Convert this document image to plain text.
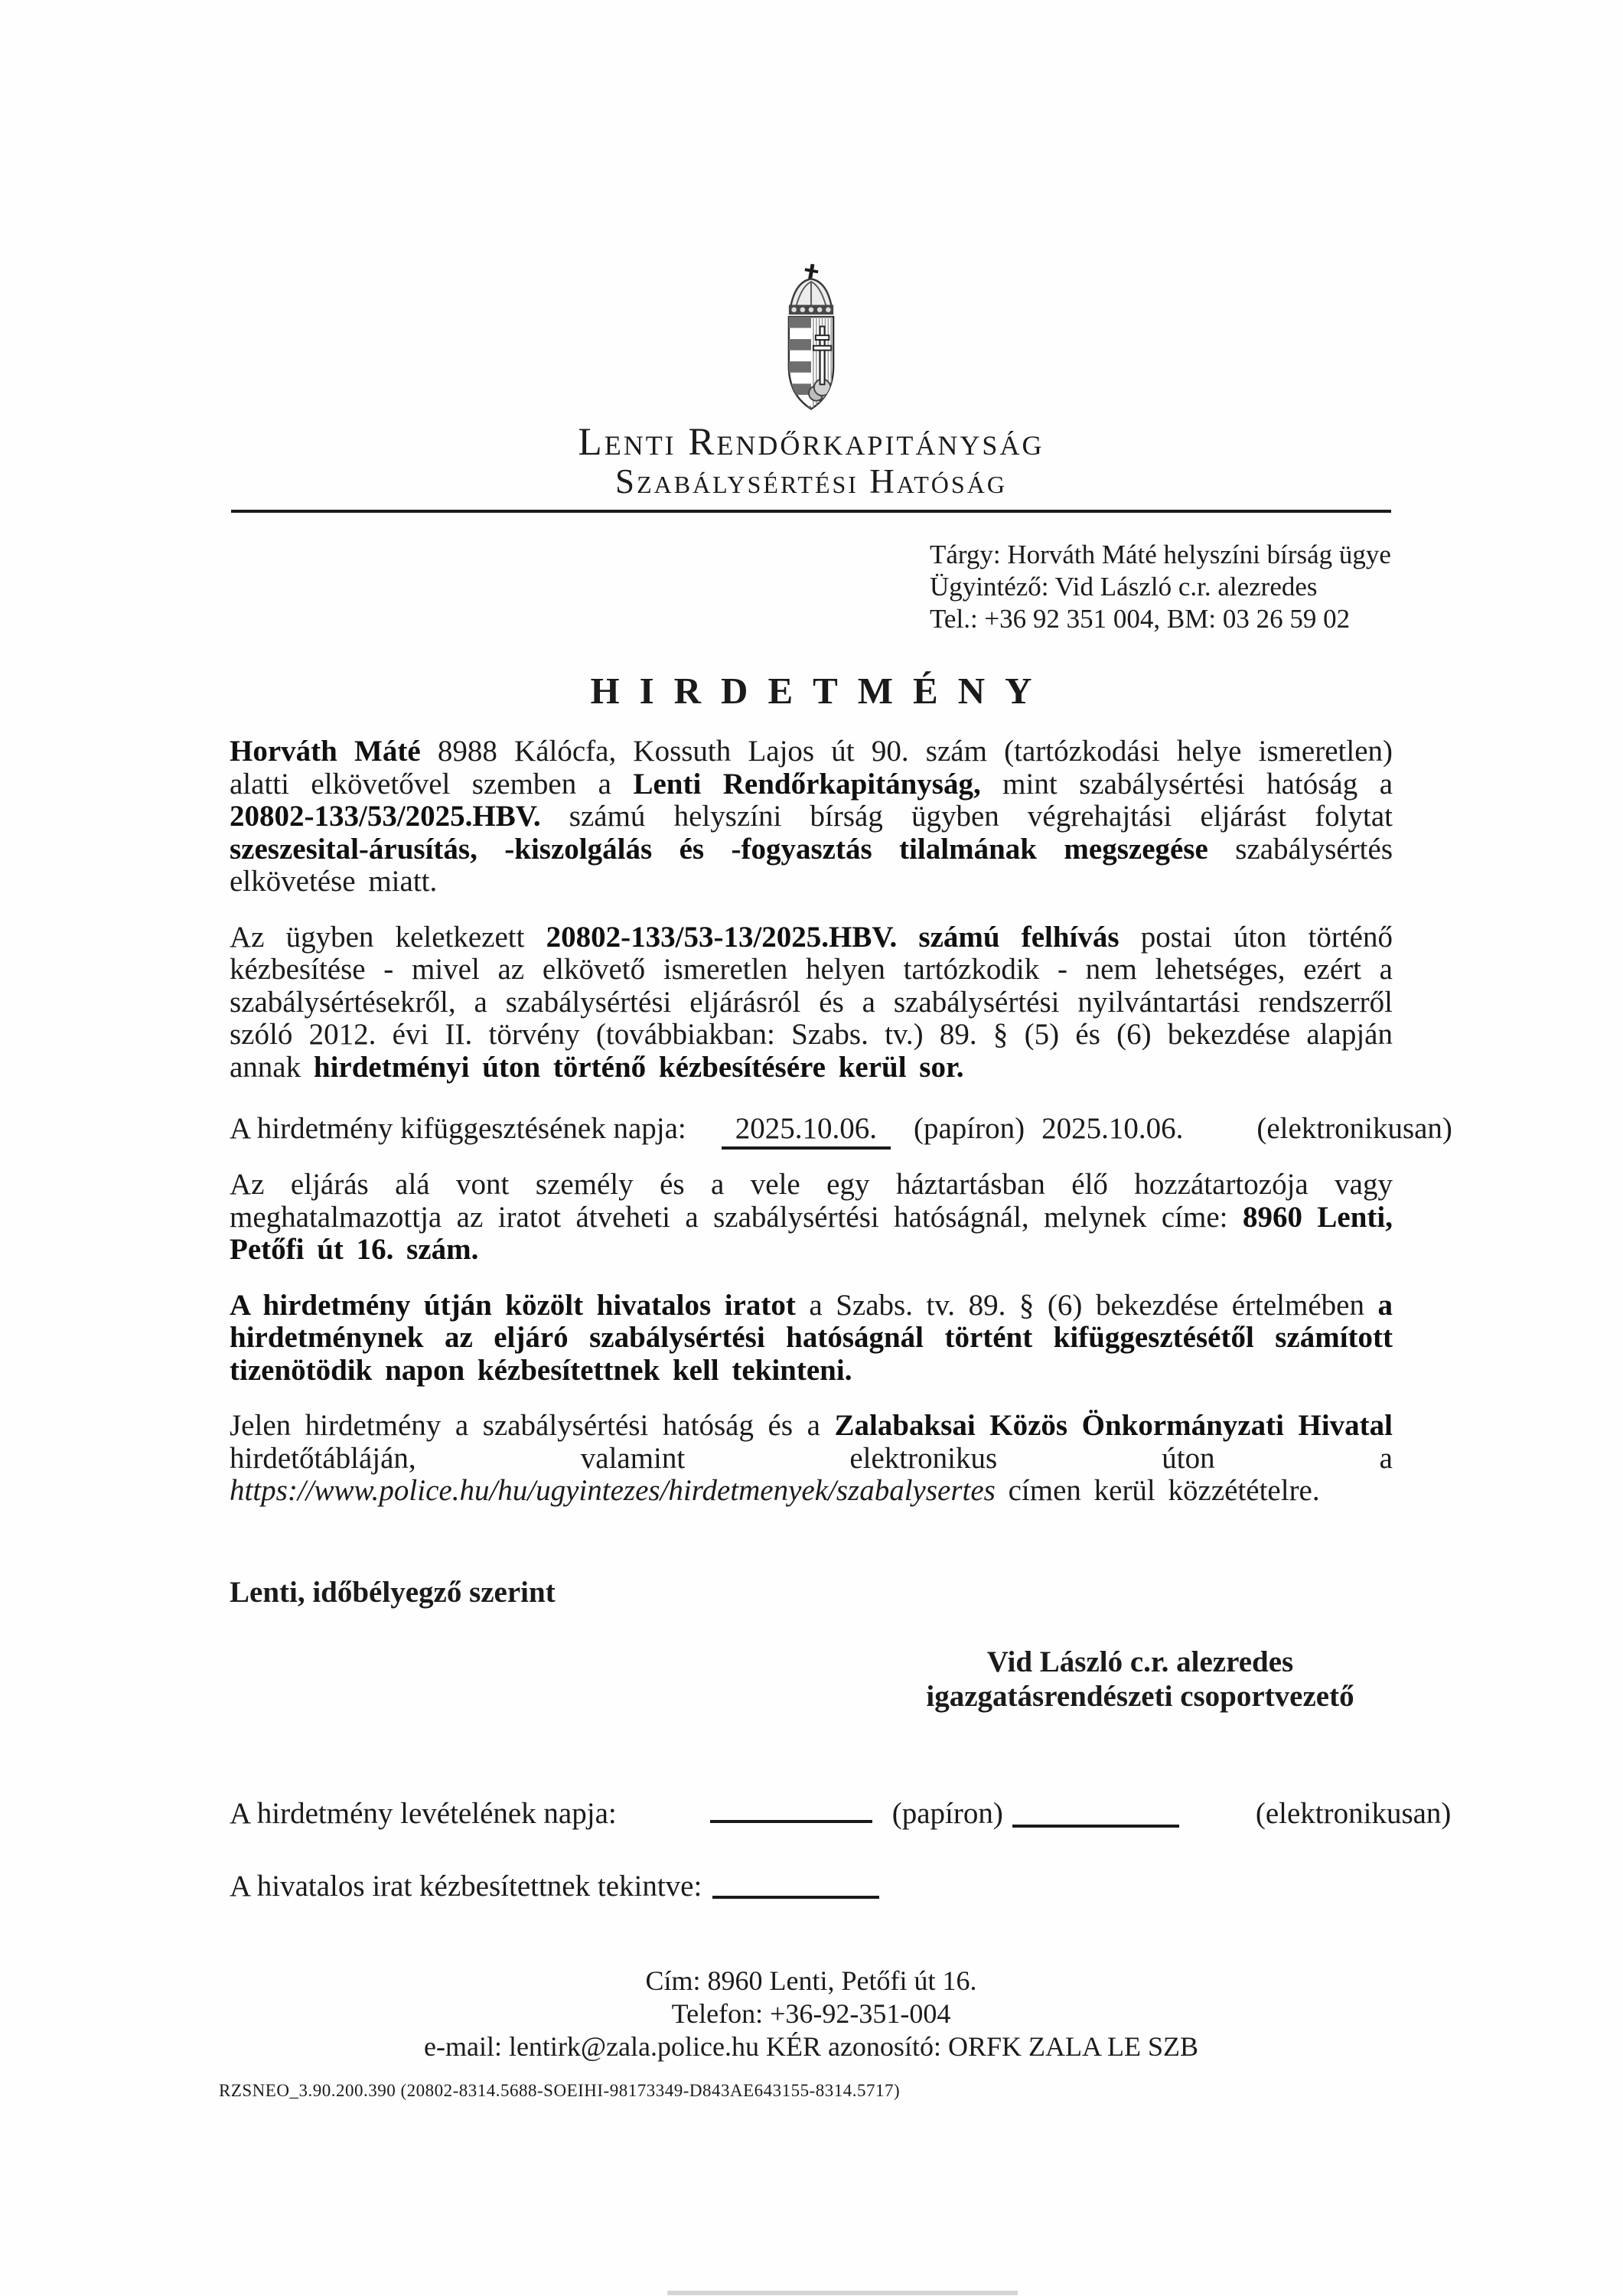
Lenti Rendőrkapitányság
Szabálysértési Hatóság
Tárgy: Horváth Máté helyszíni bírság ügye
Ügyintéző: Vid László c.r. alezredes
Tel.: +36 92 351 004, BM: 03 26 59 02
HIRDETMÉNY

Horváth Máté 8988 Kálócfa, Kossuth Lajos út 90. szám (tartózkodási helye ismeretlen) alatti elkövetővel szemben a Lenti Rendőrkapitányság, mint szabálysértési hatóság a 20802-133/53/2025.HBV. számú helyszíni bírság ügyben végrehajtási eljárást folytat szeszesital-árusítás, -kiszolgálás és -fogyasztás tilalmának megszegése szabálysértés elkövetése miatt.

Az ügyben keletkezett 20802-133/53-13/2025.HBV. számú felhívás postai úton történő kézbesítése - mivel az elkövető ismeretlen helyen tartózkodik - nem lehetséges, ezért a szabálysértésekről, a szabálysértési eljárásról és a szabálysértési nyilvántartási rendszerről szóló 2012. évi II. törvény (továbbiakban: Szabs. tv.) 89. § (5) és (6) bekezdése alapján annak hirdetményi úton történő kézbesítésére kerül sor.

A hirdetmény kifüggesztésének napja: 2025.10.06. (papíron) 2025.10.06. (elektronikusan)

Az eljárás alá vont személy és a vele egy háztartásban élő hozzátartozója vagy meghatalmazottja az iratot átveheti a szabálysértési hatóságnál, melynek címe: 8960 Lenti, Petőfi út 16. szám.

A hirdetmény útján közölt hivatalos iratot a Szabs. tv. 89. § (6) bekezdése értelmében a hirdetménynek az eljáró szabálysértési hatóságnál történt kifüggesztésétől számított tizenötödik napon kézbesítettnek kell tekinteni.

Jelen hirdetmény a szabálysértési hatóság és a Zalabaksai Közös Önkormányzati Hivatal hirdetőtábláján, valamint elektronikus úton a https://www.police.hu/hu/ugyintezes/hirdetmenyek/szabalysertes címen kerül közzétételre.

Lenti, időbélyegző szerint
Vid László c.r. alezredes
igazgatásrendészeti csoportvezető
A hirdetmény levételének napja:	(papíron)	(elektronikusan)
A hivatalos irat kézbesítettnek tekintve:
Cím: 8960 Lenti, Petőfi út 16.
Telefon: +36-92-351-004
e-mail: lentirk@zala.police.hu KÉR azonosító: ORFK ZALA LE SZB
RZSNEO_3.90.200.390 (20802-8314.5688-SOEIHI-98173349-D843AE643155-8314.5717)
